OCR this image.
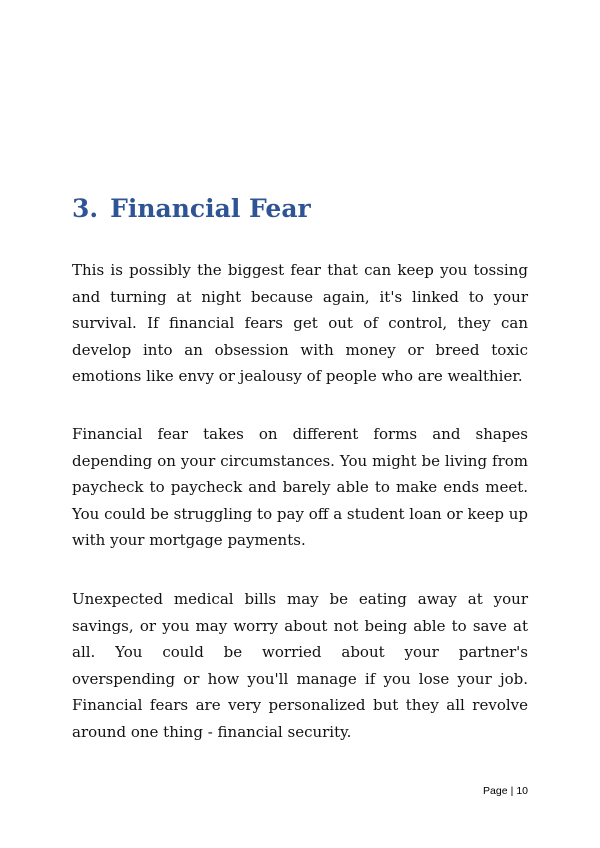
3. Financial Fear

This is possibly the biggest fear that can keep you tossing and turning at night because again, it's linked to your survival. If financial fears get out of control, they can develop into an obsession with money or breed toxic emotions like envy or jealousy of people who are wealthier.

Financial fear takes on different forms and shapes depending on your circumstances. You might be living from paycheck to paycheck and barely able to make ends meet. You could be struggling to pay off a student loan or keep up with your mortgage payments.

Unexpected medical bills may be eating away at your savings, or you may worry about not being able to save at all. You could be worried about your partner's overspending or how you'll manage if you lose your job. Financial fears are very personalized but they all revolve around one thing - financial security.

Page | 10
